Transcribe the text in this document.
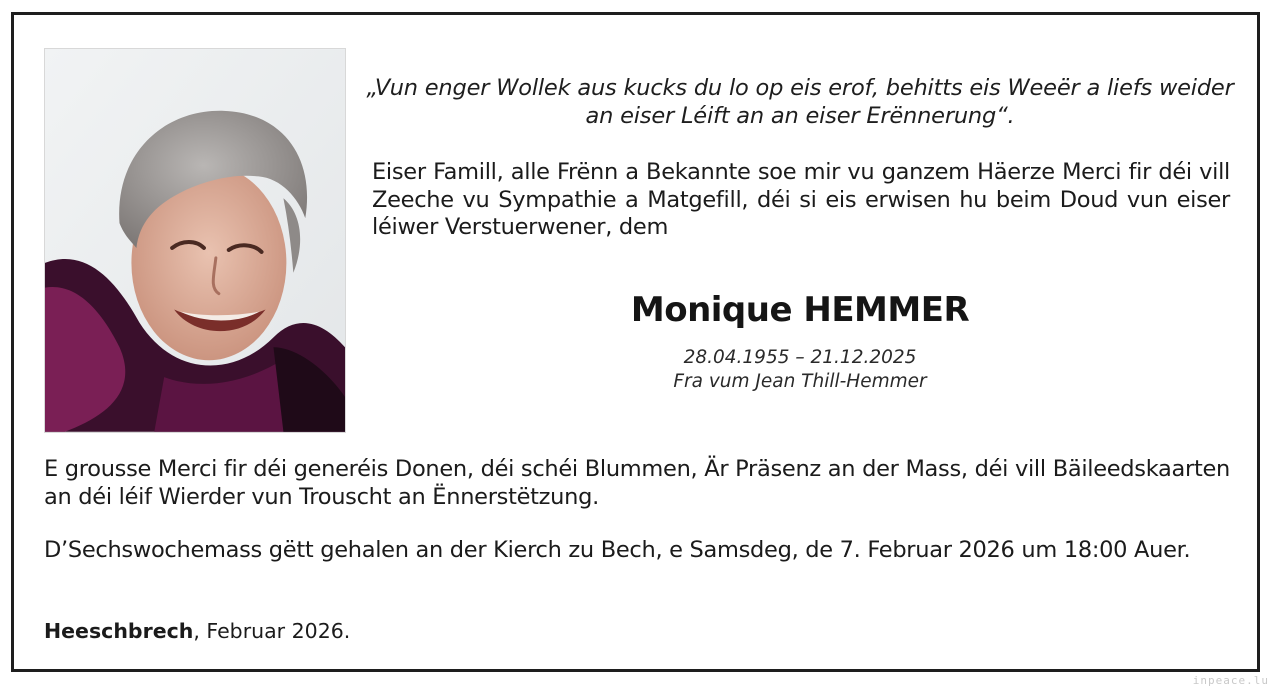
„Vun enger Wollek aus kucks du lo op eis erof, behitts eis Weeër a liefs weider an eiser Léift an an eiser Erënnerung“.
Eiser Famill, alle Frënn a Bekannte soe mir vu ganzem Häerze Merci fir déi vill Zeeche vu Sympathie a Matgefill, déi si eis erwisen hu beim Doud vun eiser léiwer Verstuerwener, dem
Monique HEMMER
28.04.1955 – 21.12.2025
Fra vum Jean Thill-Hemmer
E grousse Merci fir déi generéis Donen, déi schéi Blummen, Är Präsenz an der Mass, déi vill Bäileedskaarten an déi léif Wierder vun Trouscht an Ënnerstëtzung.
D’Sechswochemass gëtt gehalen an der Kierch zu Bech, e Samsdeg, de 7. Februar 2026 um 18:00 Auer.
Heeschbrech, Februar 2026.
inpeace.lu
